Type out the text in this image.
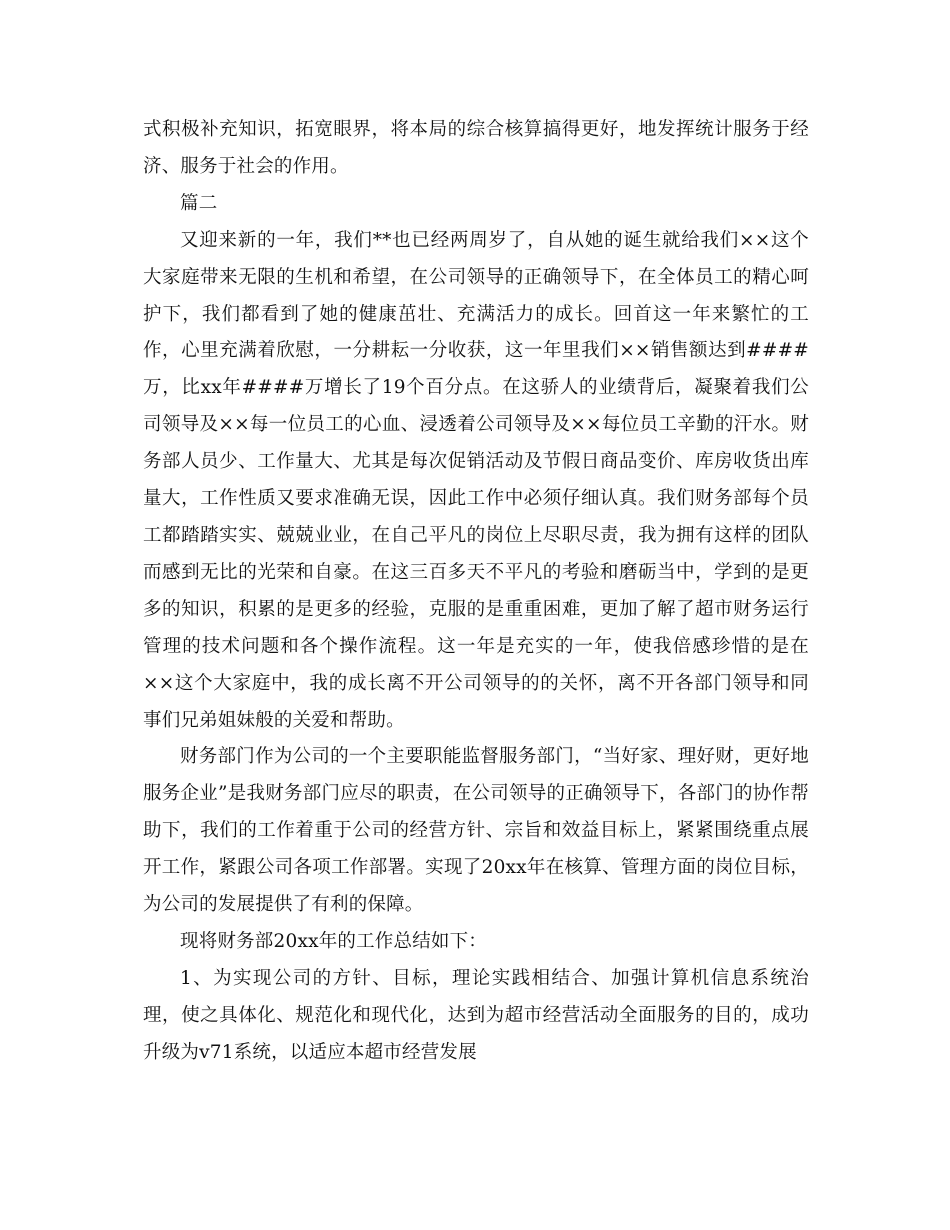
式积极补充知识，拓宽眼界，将本局的综合核算搞得更好，地发挥统计服务于经济、服务于社会的作用。

篇二

又迎来新的一年，我们**也已经两周岁了，自从她的诞生就给我们××这个大家庭带来无限的生机和希望，在公司领导的正确领导下，在全体员工的精心呵护下，我们都看到了她的健康茁壮、充满活力的成长。回首这一年来繁忙的工作，心里充满着欣慰，一分耕耘一分收获，这一年里我们××销售额达到####万，比xx年####万增长了19个百分点。在这骄人的业绩背后，凝聚着我们公司领导及××每一位员工的心血、浸透着公司领导及××每位员工辛勤的汗水。财务部人员少、工作量大、尤其是每次促销活动及节假日商品变价、库房收货出库量大，工作性质又要求准确无误，因此工作中必须仔细认真。我们财务部每个员工都踏踏实实、兢兢业业，在自己平凡的岗位上尽职尽责，我为拥有这样的团队而感到无比的光荣和自豪。在这三百多天不平凡的考验和磨砺当中，学到的是更多的知识，积累的是更多的经验，克服的是重重困难，更加了解了超市财务运行管理的技术问题和各个操作流程。这一年是充实的一年，使我倍感珍惜的是在××这个大家庭中，我的成长离不开公司领导的的关怀，离不开各部门领导和同事们兄弟姐妹般的关爱和帮助。

财务部门作为公司的一个主要职能监督服务部门，“当好家、理好财，更好地服务企业”是我财务部门应尽的职责，在公司领导的正确领导下，各部门的协作帮助下，我们的工作着重于公司的经营方针、宗旨和效益目标上，紧紧围绕重点展开工作，紧跟公司各项工作部署。实现了20xx年在核算、管理方面的岗位目标，为公司的发展提供了有利的保障。

现将财务部20xx年的工作总结如下：

1、为实现公司的方针、目标，理论实践相结合、加强计算机信息系统治理，使之具体化、规范化和现代化，达到为超市经营活动全面服务的目的，成功升级为v71系统，以适应本超市经营发展
